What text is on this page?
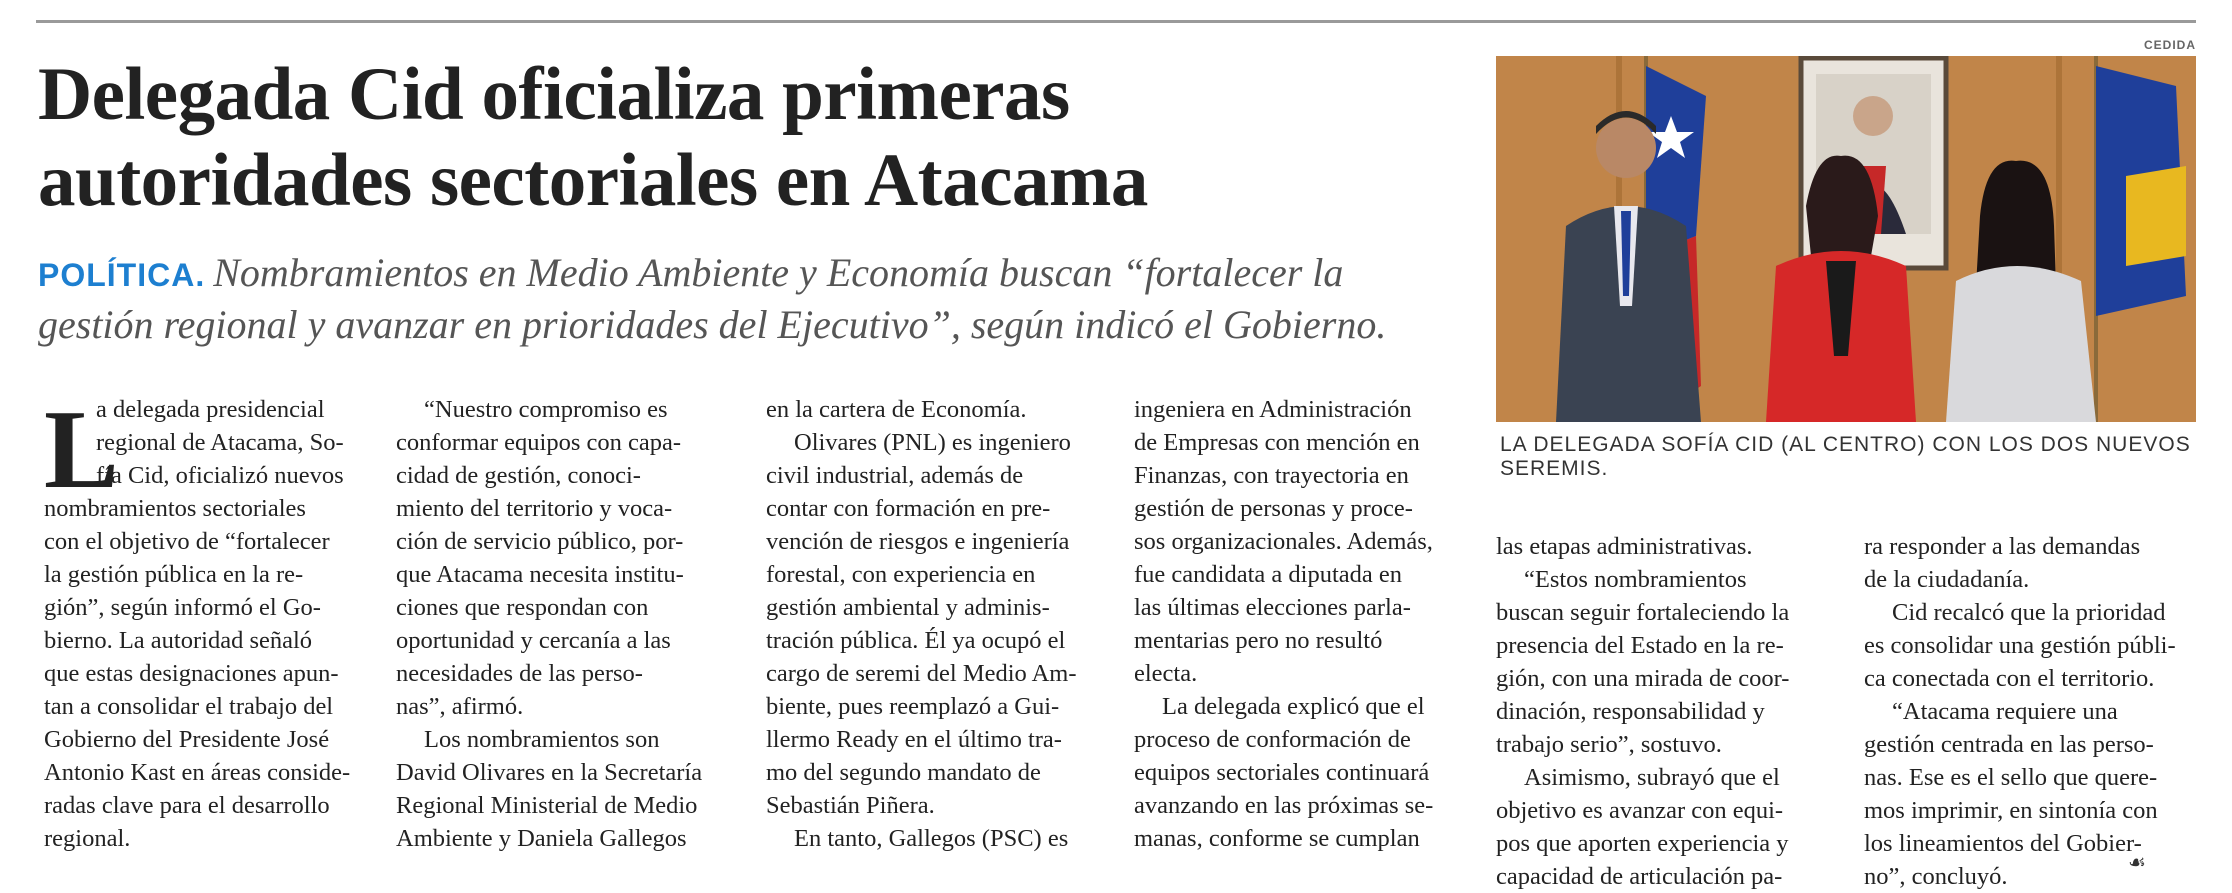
Delegada Cid oficializa primeras
autoridades sectoriales en Atacama

POLÍTICA. Nombramientos en Medio Ambiente y Economía buscan “fortalecer la
gestión regional y avanzar en prioridades del Ejecutivo”, según indicó el Gobierno.

CEDIDA
LA DELEGADA SOFÍA CID (AL CENTRO) CON LOS DOS NUEVOS SEREMIS.
L
a delegada presidencial
regional de Atacama, So-
fía Cid, oficializó nuevos
nombramientos sectoriales
con el objetivo de “fortalecer
la gestión pública en la re-
gión”, según informó el Go-
bierno. La autoridad señaló
que estas designaciones apun-
tan a consolidar el trabajo del
Gobierno del Presidente José
Antonio Kast en áreas conside-
radas clave para el desarrollo
regional.
“Nuestro compromiso es
conformar equipos con capa-
cidad de gestión, conoci-
miento del territorio y voca-
ción de servicio público, por-
que Atacama necesita institu-
ciones que respondan con
oportunidad y cercanía a las
necesidades de las perso-
nas”, afirmó.
Los nombramientos son
David Olivares en la Secretaría
Regional Ministerial de Medio
Ambiente y Daniela Gallegos
en la cartera de Economía.
Olivares (PNL) es ingeniero
civil industrial, además de
contar con formación en pre-
vención de riesgos e ingeniería
forestal, con experiencia en
gestión ambiental y adminis-
tración pública. Él ya ocupó el
cargo de seremi del Medio Am-
biente, pues reemplazó a Gui-
llermo Ready en el último tra-
mo del segundo mandato de
Sebastián Piñera.
En tanto, Gallegos (PSC) es
ingeniera en Administración
de Empresas con mención en
Finanzas, con trayectoria en
gestión de personas y proce-
sos organizacionales. Además,
fue candidata a diputada en
las últimas elecciones parla-
mentarias pero no resultó
electa.
La delegada explicó que el
proceso de conformación de
equipos sectoriales continuará
avanzando en las próximas se-
manas, conforme se cumplan
las etapas administrativas.
“Estos nombramientos
buscan seguir fortaleciendo la
presencia del Estado en la re-
gión, con una mirada de coor-
dinación, responsabilidad y
trabajo serio”, sostuvo.
Asimismo, subrayó que el
objetivo es avanzar con equi-
pos que aporten experiencia y
capacidad de articulación pa-
ra responder a las demandas
de la ciudadanía.
Cid recalcó que la prioridad
es consolidar una gestión públi-
ca conectada con el territorio.
“Atacama requiere una
gestión centrada en las perso-
nas. Ese es el sello que quere-
mos imprimir, en sintonía con
los lineamientos del Gobier-
no”, concluyó.
☙
